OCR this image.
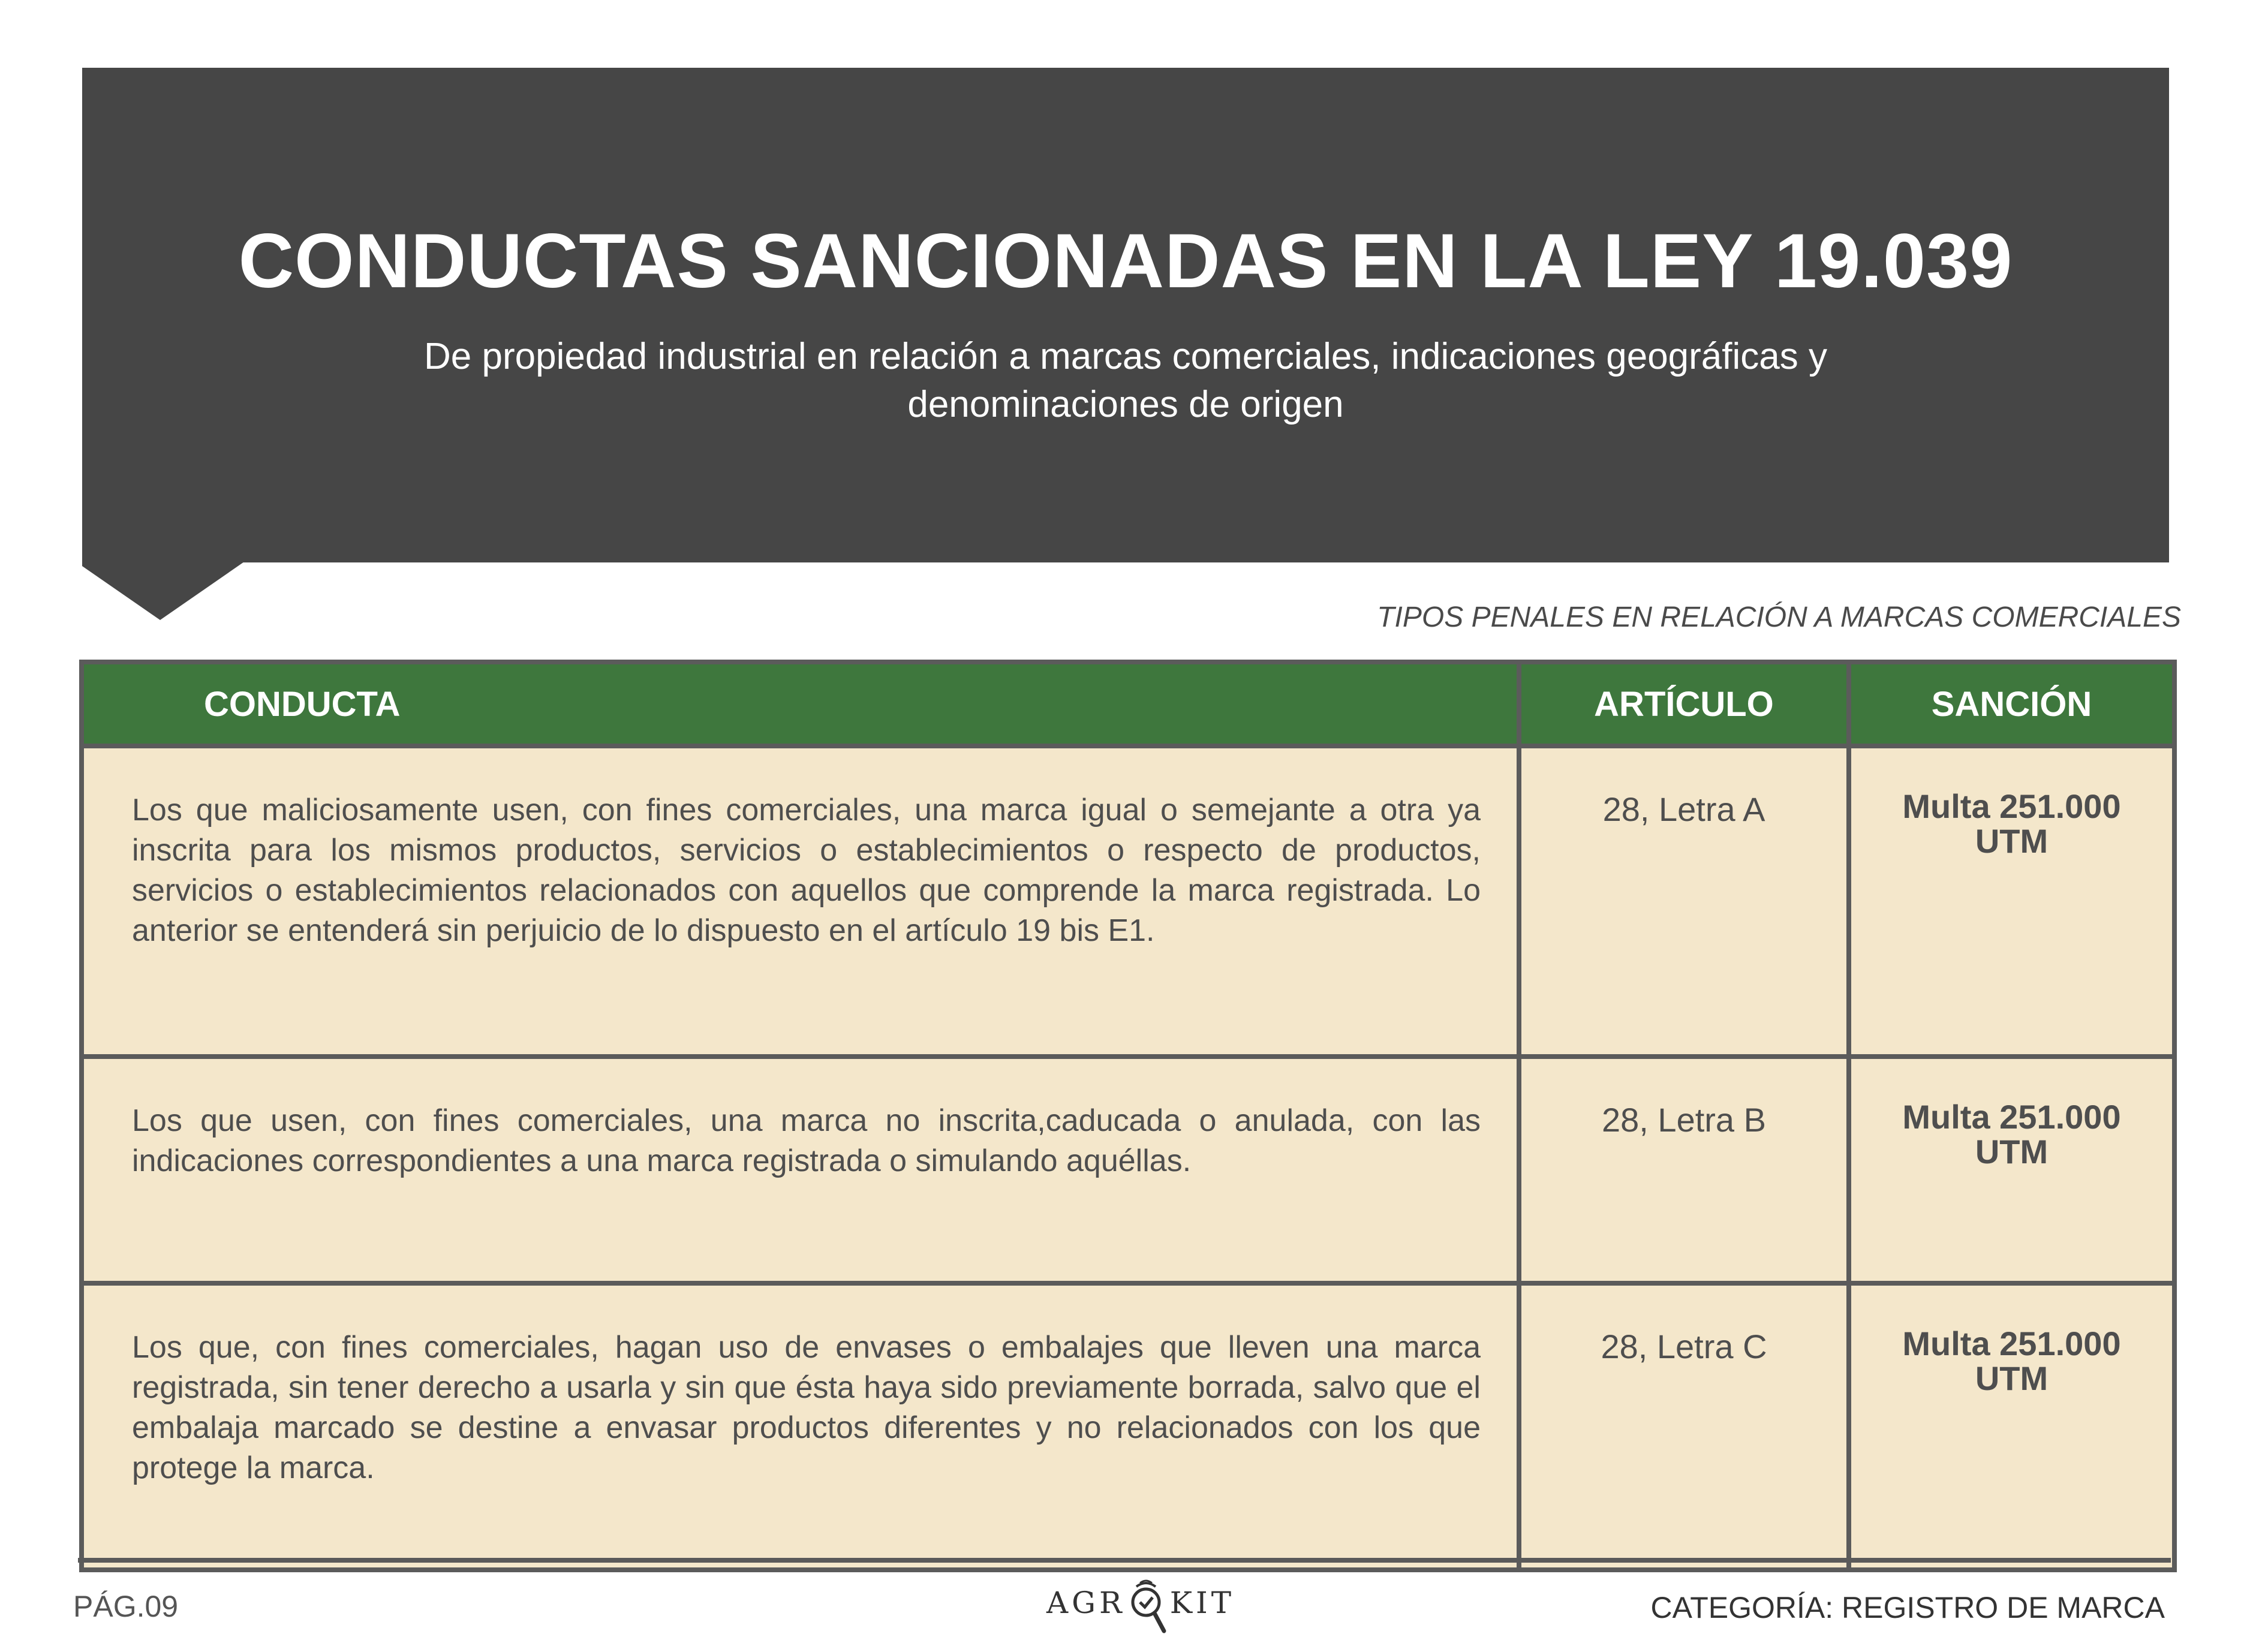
CONDUCTAS SANCIONADAS EN LA LEY 19.039
De propiedad industrial en relación a marcas comerciales, indicaciones geográficas y
denominaciones de origen
TIPOS PENALES EN RELACIÓN A MARCAS COMERCIALES
CONDUCTA	ARTÍCULO	SANCIÓN
Los que maliciosamente usen, con fines comerciales, una marca igual o semejante a otra ya inscrita para los mismos productos, servicios o establecimientos o respecto de productos, servicios o establecimientos relacionados con aquellos que comprende la marca registrada. Lo anterior se entenderá sin perjuicio de lo dispuesto en el artículo 19 bis E1.	28, Letra A	Multa 251.000
UTM

Los que usen, con fines comerciales, una marca no inscrita,caducada o anulada, con las indicaciones correspondientes a una marca registrada o simulando aquéllas.	28, Letra B	Multa 251.000
UTM

Los que, con fines comerciales, hagan uso de envases o embalajes que lleven una marca registrada, sin tener derecho a usarla y sin que ésta haya sido previamente borrada, salvo que el embalaja marcado se destine a envasar productos diferentes y no relacionados con los que protege la marca.	28, Letra C	Multa 251.000
UTM
PÁG.09	AGR KIT	CATEGORÍA: REGISTRO DE MARCA
